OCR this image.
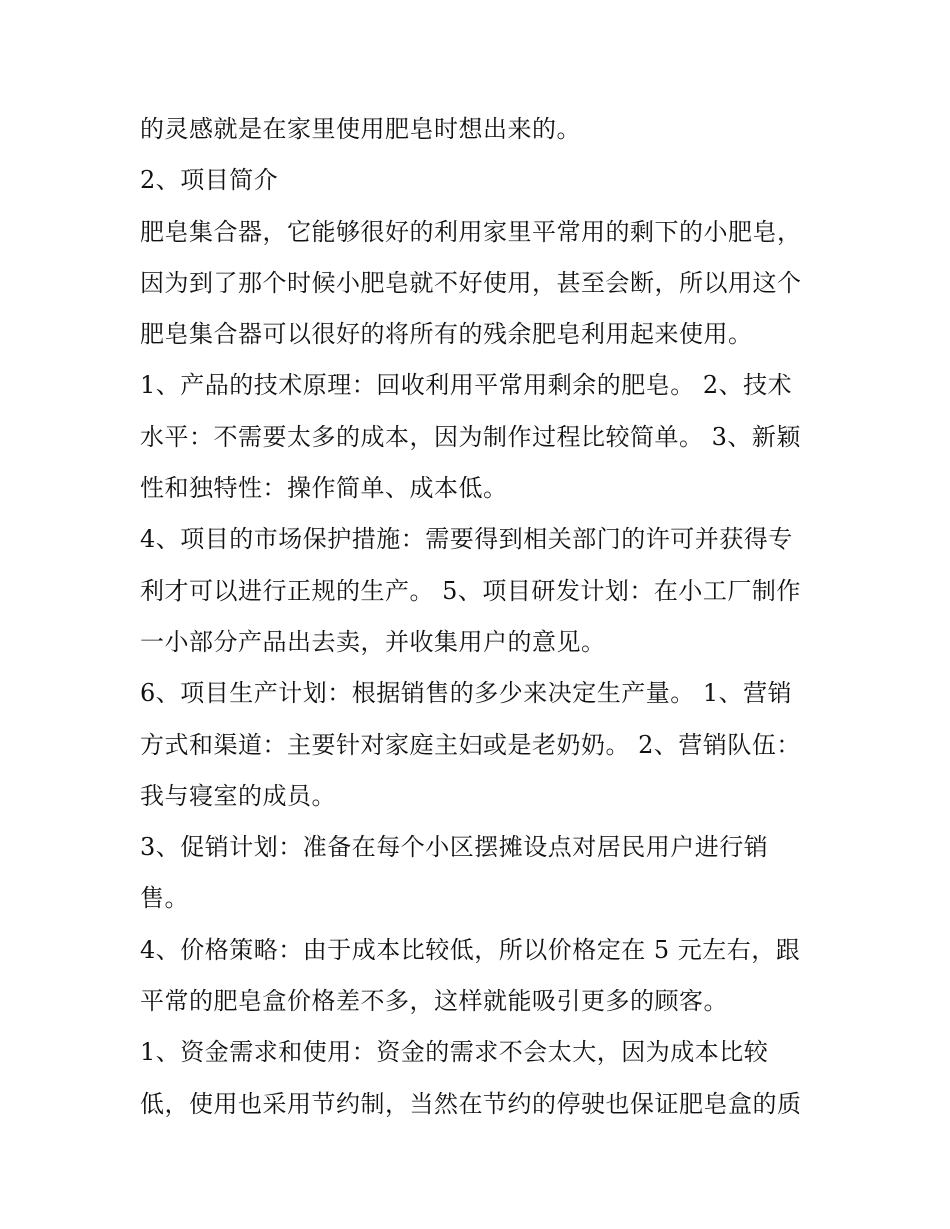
的灵感就是在家里使用肥皂时想出来的。
2、项目简介
肥皂集合器，它能够很好的利用家里平常用的剩下的小肥皂，
因为到了那个时候小肥皂就不好使用，甚至会断，所以用这个
肥皂集合器可以很好的将所有的残余肥皂利用起来使用。
1、产品的技术原理：回收利用平常用剩余的肥皂。 2、技术
水平：不需要太多的成本，因为制作过程比较简单。 3、新颖
性和独特性：操作简单、成本低。
4、项目的市场保护措施：需要得到相关部门的许可并获得专
利才可以进行正规的生产。 5、项目研发计划：在小工厂制作
一小部分产品出去卖，并收集用户的意见。
6、项目生产计划：根据销售的多少来决定生产量。 1、营销
方式和渠道：主要针对家庭主妇或是老奶奶。 2、营销队伍：
我与寝室的成员。
3、促销计划：准备在每个小区摆摊设点对居民用户进行销
售。
4、价格策略：由于成本比较低，所以价格定在 5 元左右，跟
平常的肥皂盒价格差不多，这样就能吸引更多的顾客。
1、资金需求和使用：资金的需求不会太大，因为成本比较
低，使用也采用节约制，当然在节约的停驶也保证肥皂盒的质
